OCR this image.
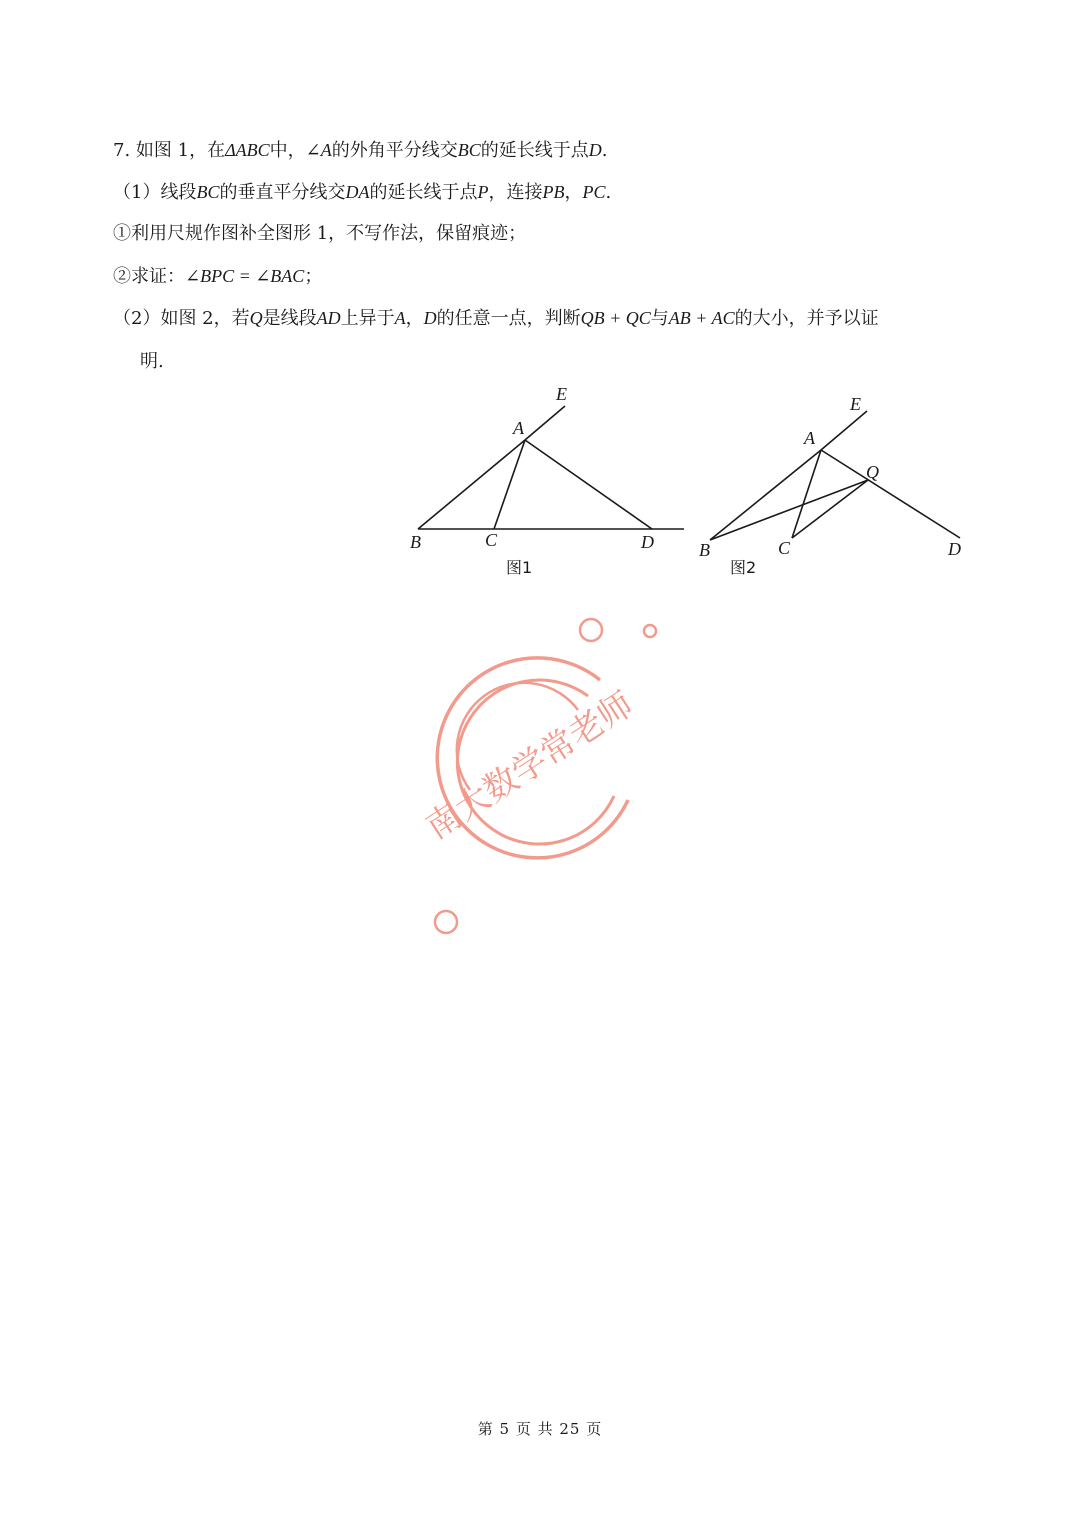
7. 如图 1，在ΔABC中，∠A的外角平分线交BC的延长线于点D.
（1）线段BC的垂直平分线交DA的延长线于点P，连接PB，PC.
①利用尺规作图补全图形 1，不写作法，保留痕迹；
②求证：∠BPC = ∠BAC；
（2）如图 2，若Q是线段AD上异于A，D的任意一点，判断QB + QC与AB + AC的大小，并予以证
明.
E
A
B	C	D
图1
E
A
Q
B	C	D
图2
南大数学常老师
第 5 页 共 25 页
